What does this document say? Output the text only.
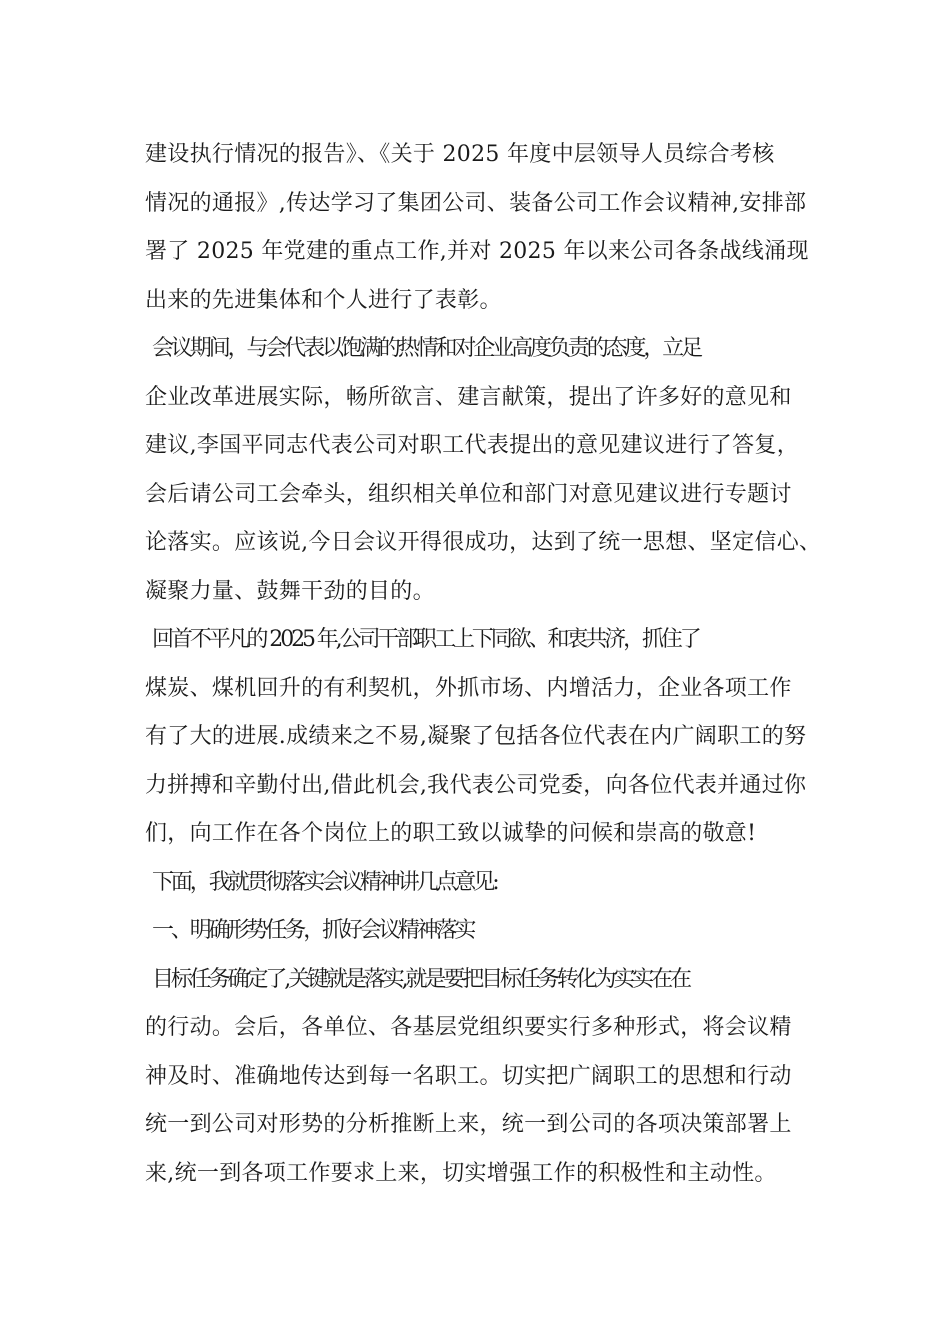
建设执行情况的报告》、《关于 2025 年度中层领导人员综合考核
情况的通报》,传达学习了集团公司、装备公司工作会议精神,安排部
署了 2025 年党建的重点工作,并对 2025 年以来公司各条战线涌现
出来的先进集体和个人进行了表彰。
会议期间，与会代表以饱满的热情和对企业高度负责的态度，立足
企业改革进展实际，畅所欲言、建言献策，提出了许多好的意见和
建议,李国平同志代表公司对职工代表提出的意见建议进行了答复，
会后请公司工会牵头，组织相关单位和部门对意见建议进行专题讨
论落实。应该说,今日会议开得很成功，达到了统一思想、坚定信心、
凝聚力量、鼓舞干劲的目的。
回首不平凡的 2025 年,公司干部职工上下同欲、和衷共济，抓住了
煤炭、煤机回升的有利契机，外抓市场、内增活力，企业各项工作
有了大的进展.成绩来之不易,凝聚了包括各位代表在内广阔职工的努
力拼搏和辛勤付出,借此机会,我代表公司党委，向各位代表并通过你
们，向工作在各个岗位上的职工致以诚挚的问候和崇高的敬意!
下面，我就贯彻落实会议精神讲几点意见:
一、明确形势任务，抓好会议精神落实
目标任务确定了,关键就是落实,就是要把目标任务转化为实实在在
的行动。会后，各单位、各基层党组织要实行多种形式，将会议精
神及时、准确地传达到每一名职工。切实把广阔职工的思想和行动
统一到公司对形势的分析推断上来，统一到公司的各项决策部署上
来,统一到各项工作要求上来，切实增强工作的积极性和主动性。
